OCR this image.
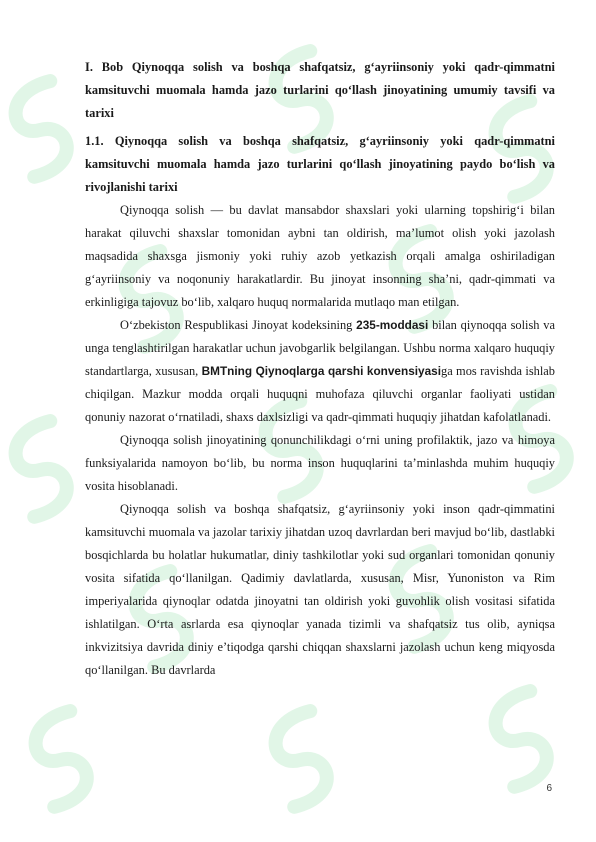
I. Bob Qiynoqqa solish va boshqa shafqatsiz, g‘ayriinsoniy yoki qadr-qimmatni kamsituvchi muomala hamda jazo turlarini qo‘llash jinoyatining umumiy tavsifi va tarixi
1.1. Qiynoqqa solish va boshqa shafqatsiz, g‘ayriinsoniy yoki qadr-qimmatni kamsituvchi muomala hamda jazo turlarini qo‘llash jinoyatining paydo bo‘lish va rivojlanishi tarixi

Qiynoqqa solish — bu davlat mansabdor shaxslari yoki ularning topshirig‘i bilan harakat qiluvchi shaxslar tomonidan aybni tan oldirish, ma’lumot olish yoki jazolash maqsadida shaxsga jismoniy yoki ruhiy azob yetkazish orqali amalga oshiriladigan g‘ayriinsoniy va noqonuniy harakatlardir. Bu jinoyat insonning sha’ni, qadr-qimmati va erkinligiga tajovuz bo‘lib, xalqaro huquq normalarida mutlaqo man etilgan.

O‘zbekiston Respublikasi Jinoyat kodeksining 235-moddasi bilan qiynoqqa solish va unga tenglashtirilgan harakatlar uchun javobgarlik belgilangan. Ushbu norma xalqaro huquqiy standartlarga, xususan, BMTning Qiynoqlarga qarshi konvensiyasiga mos ravishda ishlab chiqilgan. Mazkur modda orqali huquqni muhofaza qiluvchi organlar faoliyati ustidan qonuniy nazorat o‘rnatiladi, shaxs daxlsizligi va qadr-qimmati huquqiy jihatdan kafolatlanadi.

Qiynoqqa solish jinoyatining qonunchilikdagi o‘rni uning profilaktik, jazo va himoya funksiyalarida namoyon bo‘lib, bu norma inson huquqlarini ta’minlashda muhim huquqiy vosita hisoblanadi.

Qiynoqqa solish va boshqa shafqatsiz, g‘ayriinsoniy yoki inson qadr-qimmatini kamsituvchi muomala va jazolar tarixiy jihatdan uzoq davrlardan beri mavjud bo‘lib, dastlabki bosqichlarda bu holatlar hukumatlar, diniy tashkilotlar yoki sud organlari tomonidan qonuniy vosita sifatida qo‘llanilgan. Qadimiy davlatlarda, xususan, Misr, Yunoniston va Rim imperiyalarida qiynoqlar odatda jinoyatni tan oldirish yoki guvohlik olish vositasi sifatida ishlatilgan. O‘rta asrlarda esa qiynoqlar yanada tizimli va shafqatsiz tus olib, ayniqsa inkvizitsiya davrida diniy e’tiqodga qarshi chiqqan shaxslarni jazolash uchun keng miqyosda qo‘llanilgan. Bu davrlarda

6
